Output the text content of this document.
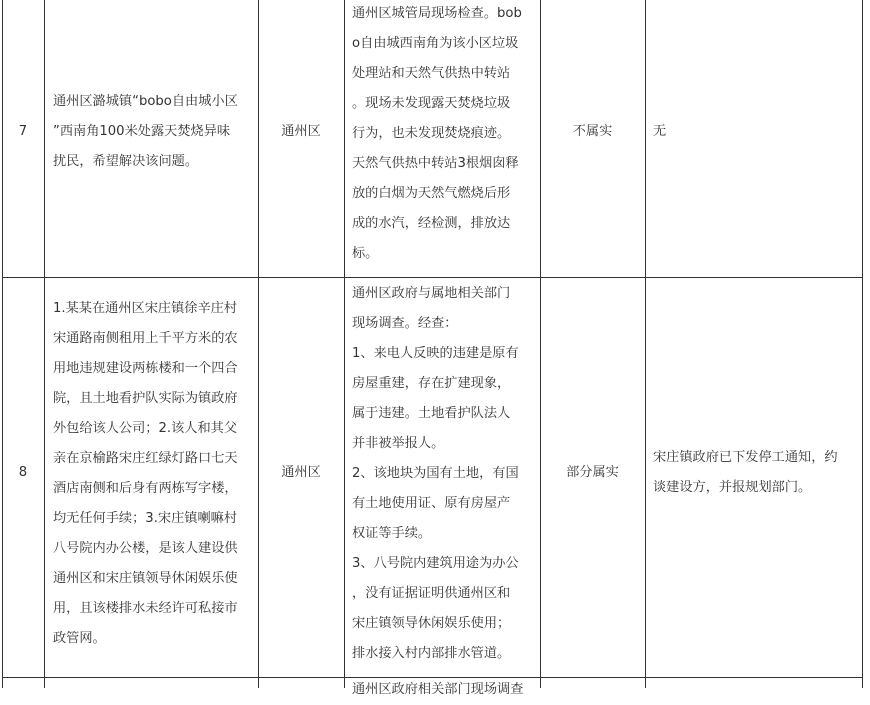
7
通州区潞城镇“bobo自由城小区
”西南角100米处露天焚烧异味
扰民，希望解决该问题。
通州区
通州区城管局现场检查。bob
o自由城西南角为该小区垃圾
处理站和天然气供热中转站
。现场未发现露天焚烧垃圾
行为，也未发现焚烧痕迹。
天然气供热中转站3根烟囱释
放的白烟为天然气燃烧后形
成的水汽，经检测，排放达
标。
不属实	无
8
1.某某在通州区宋庄镇徐辛庄村
宋通路南侧租用上千平方米的农
用地违规建设两栋楼和一个四合
院，且土地看护队实际为镇政府
外包给该人公司；2.该人和其父
亲在京榆路宋庄红绿灯路口七天
酒店南侧和后身有两栋写字楼，
均无任何手续；3.宋庄镇喇嘛村
八号院内办公楼，是该人建设供
通州区和宋庄镇领导休闲娱乐使
用，且该楼排水未经许可私接市
政管网。
通州区
通州区政府与属地相关部门
现场调查。经查：
1、来电人反映的违建是原有
房屋重建，存在扩建现象，
属于违建。土地看护队法人
并非被举报人。
2、该地块为国有土地，有国
有土地使用证、原有房屋产
权证等手续。
3、八号院内建筑用途为办公
，没有证据证明供通州区和
宋庄镇领导休闲娱乐使用；
排水接入村内部排水管道。
部分属实
宋庄镇政府已下发停工通知，约
谈建设方，并报规划部门。
通州区政府相关部门现场调查
